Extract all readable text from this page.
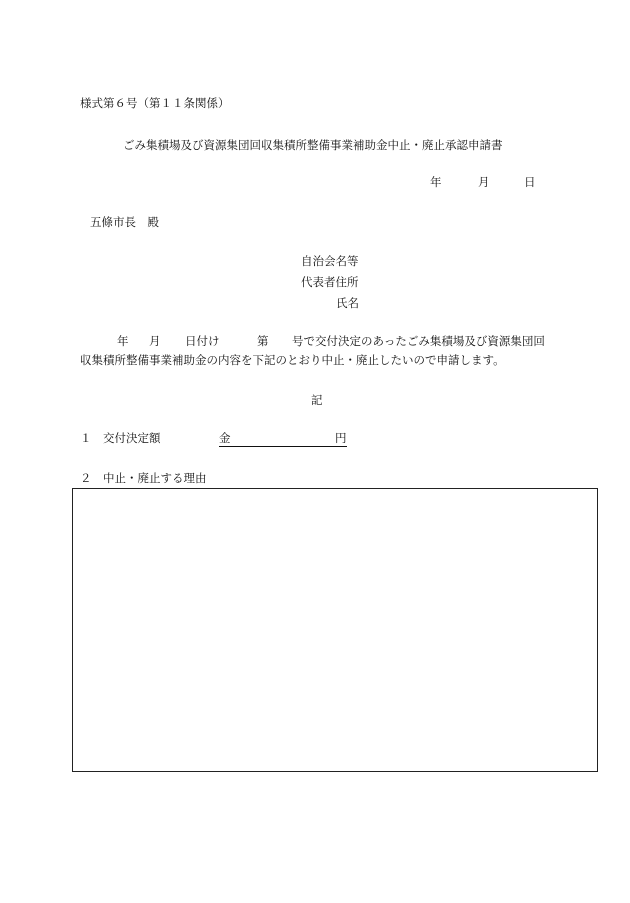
様式第６号（第１１条関係）
ごみ集積場及び資源集団回収集積所整備事業補助金中止・廃止承認申請書
年	月	日
五條市長　殿
自治会名等
代表者住所
氏名
年 月 日付け	第 号で交付決定のあったごみ集積場及び資源集団回
収集積所整備事業補助金の内容を下記のとおり中止・廃止したいので申請します。
記
１ 交付決定額	金	円
２ 中止・廃止する理由
